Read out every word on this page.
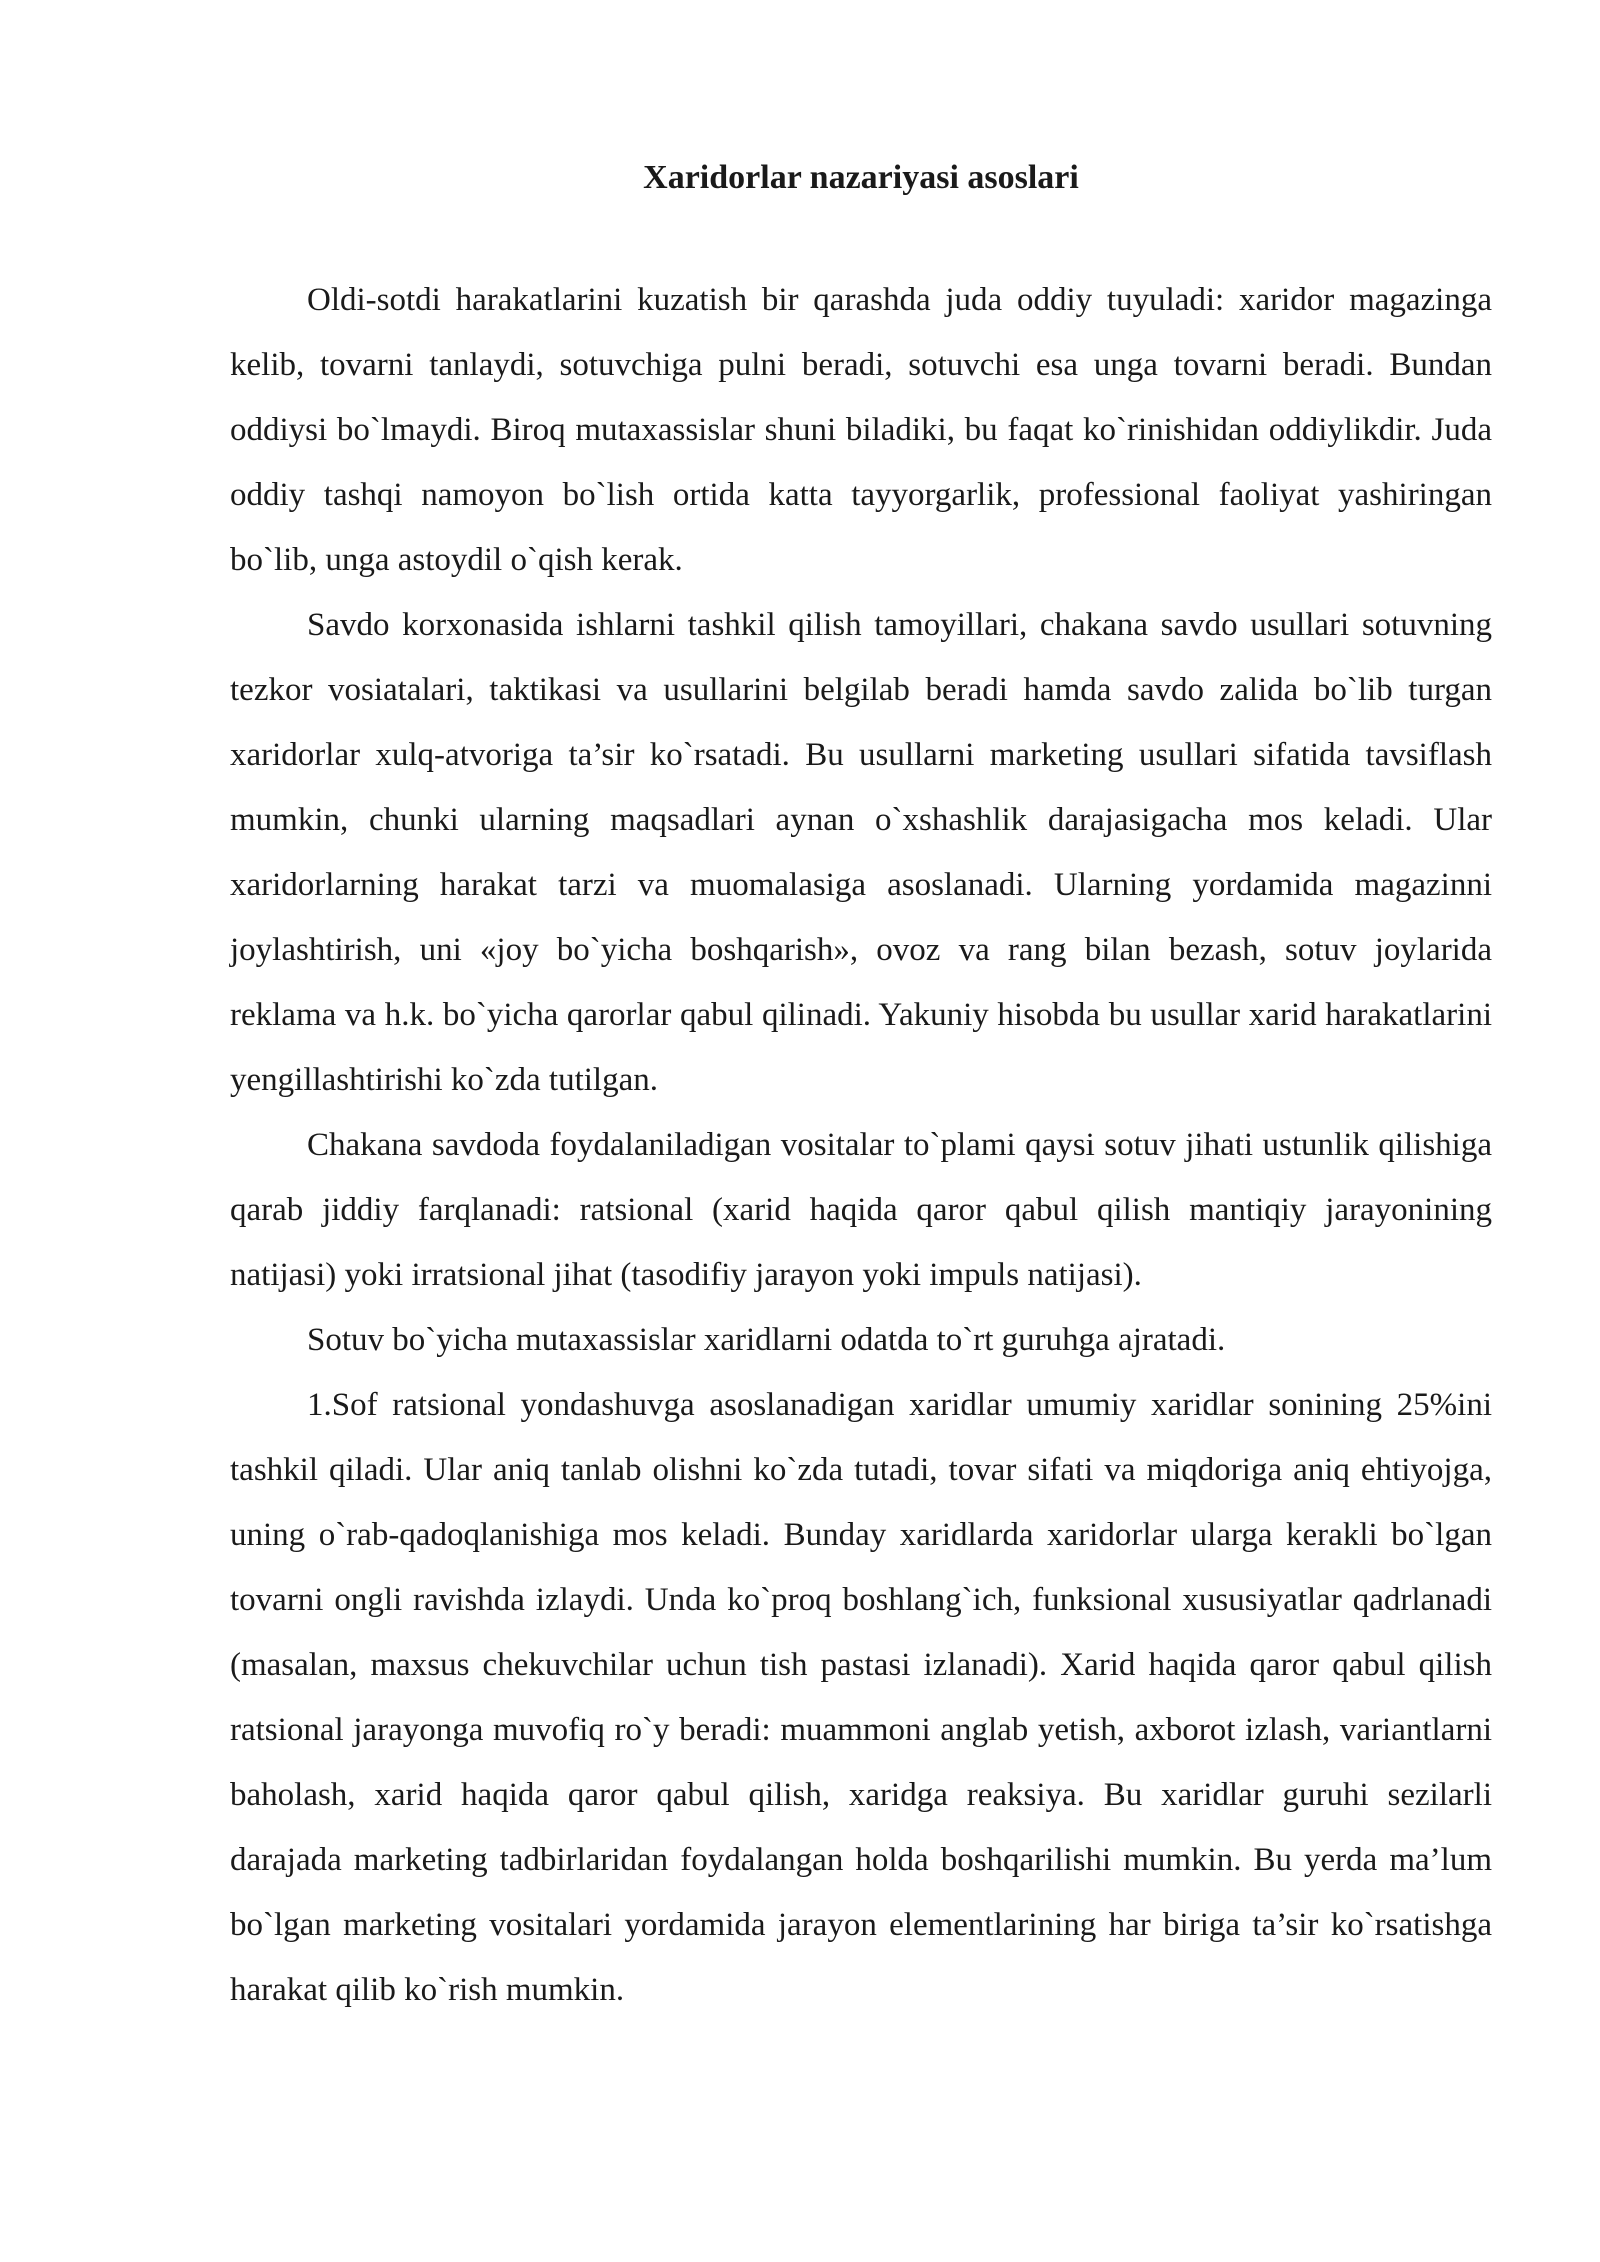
Xaridorlar nazariyasi asoslari

Oldi-sotdi harakatlarini kuzatish bir qarashda juda oddiy tuyuladi: xaridor magazinga kelib, tovarni tanlaydi, sotuvchiga pulni beradi, sotuvchi esa unga tovarni beradi. Bundan oddiysi bo`lmaydi. Biroq mutaxassislar shuni biladiki, bu faqat ko`rinishidan oddiylikdir. Juda oddiy tashqi namoyon bo`lish ortida katta tayyorgarlik, professional faoliyat yashiringan bo`lib, unga astoydil o`qish kerak.

Savdo korxonasida ishlarni tashkil qilish tamoyillari, chakana savdo usullari sotuvning tezkor vosiatalari, taktikasi va usullarini belgilab beradi hamda savdo zalida bo`lib turgan xaridorlar xulq-atvoriga ta’sir ko`rsatadi. Bu usullarni marketing usullari sifatida tavsiflash mumkin, chunki ularning maqsadlari aynan o`xshashlik darajasigacha mos keladi. Ular xaridorlarning harakat tarzi va muomalasiga asoslanadi. Ularning yordamida magazinni joylashtirish, uni «joy bo`yicha boshqarish», ovoz va rang bilan bezash, sotuv joylarida reklama va h.k. bo`yicha qarorlar qabul qilinadi. Yakuniy hisobda bu usullar xarid harakatlarini yengillashtirishi ko`zda tutilgan.

Chakana savdoda foydalaniladigan vositalar to`plami qaysi sotuv jihati ustunlik qilishiga qarab jiddiy farqlanadi: ratsional (xarid haqida qaror qabul qilish mantiqiy jarayonining natijasi) yoki irratsional jihat (tasodifiy jarayon yoki impuls natijasi).

Sotuv bo`yicha mutaxassislar xaridlarni odatda to`rt guruhga ajratadi.

1.Sof ratsional yondashuvga asoslanadigan xaridlar umumiy xaridlar sonining 25%ini tashkil qiladi. Ular aniq tanlab olishni ko`zda tutadi, tovar sifati va miqdoriga aniq ehtiyojga, uning o`rab-qadoqlanishiga mos keladi. Bunday xaridlarda xaridorlar ularga kerakli bo`lgan tovarni ongli ravishda izlaydi. Unda ko`proq boshlang`ich, funksional xususiyatlar qadrlanadi (masalan, maxsus chekuvchilar uchun tish pastasi izlanadi). Xarid haqida qaror qabul qilish ratsional jarayonga muvofiq ro`y beradi: muammoni anglab yetish, axborot izlash, variantlarni baholash, xarid haqida qaror qabul qilish, xaridga reaksiya. Bu xaridlar guruhi sezilarli darajada marketing tadbirlaridan foydalangan holda boshqarilishi mumkin. Bu yerda ma’lum bo`lgan marketing vositalari yordamida jarayon elementlarining har biriga ta’sir ko`rsatishga harakat qilib ko`rish mumkin.
